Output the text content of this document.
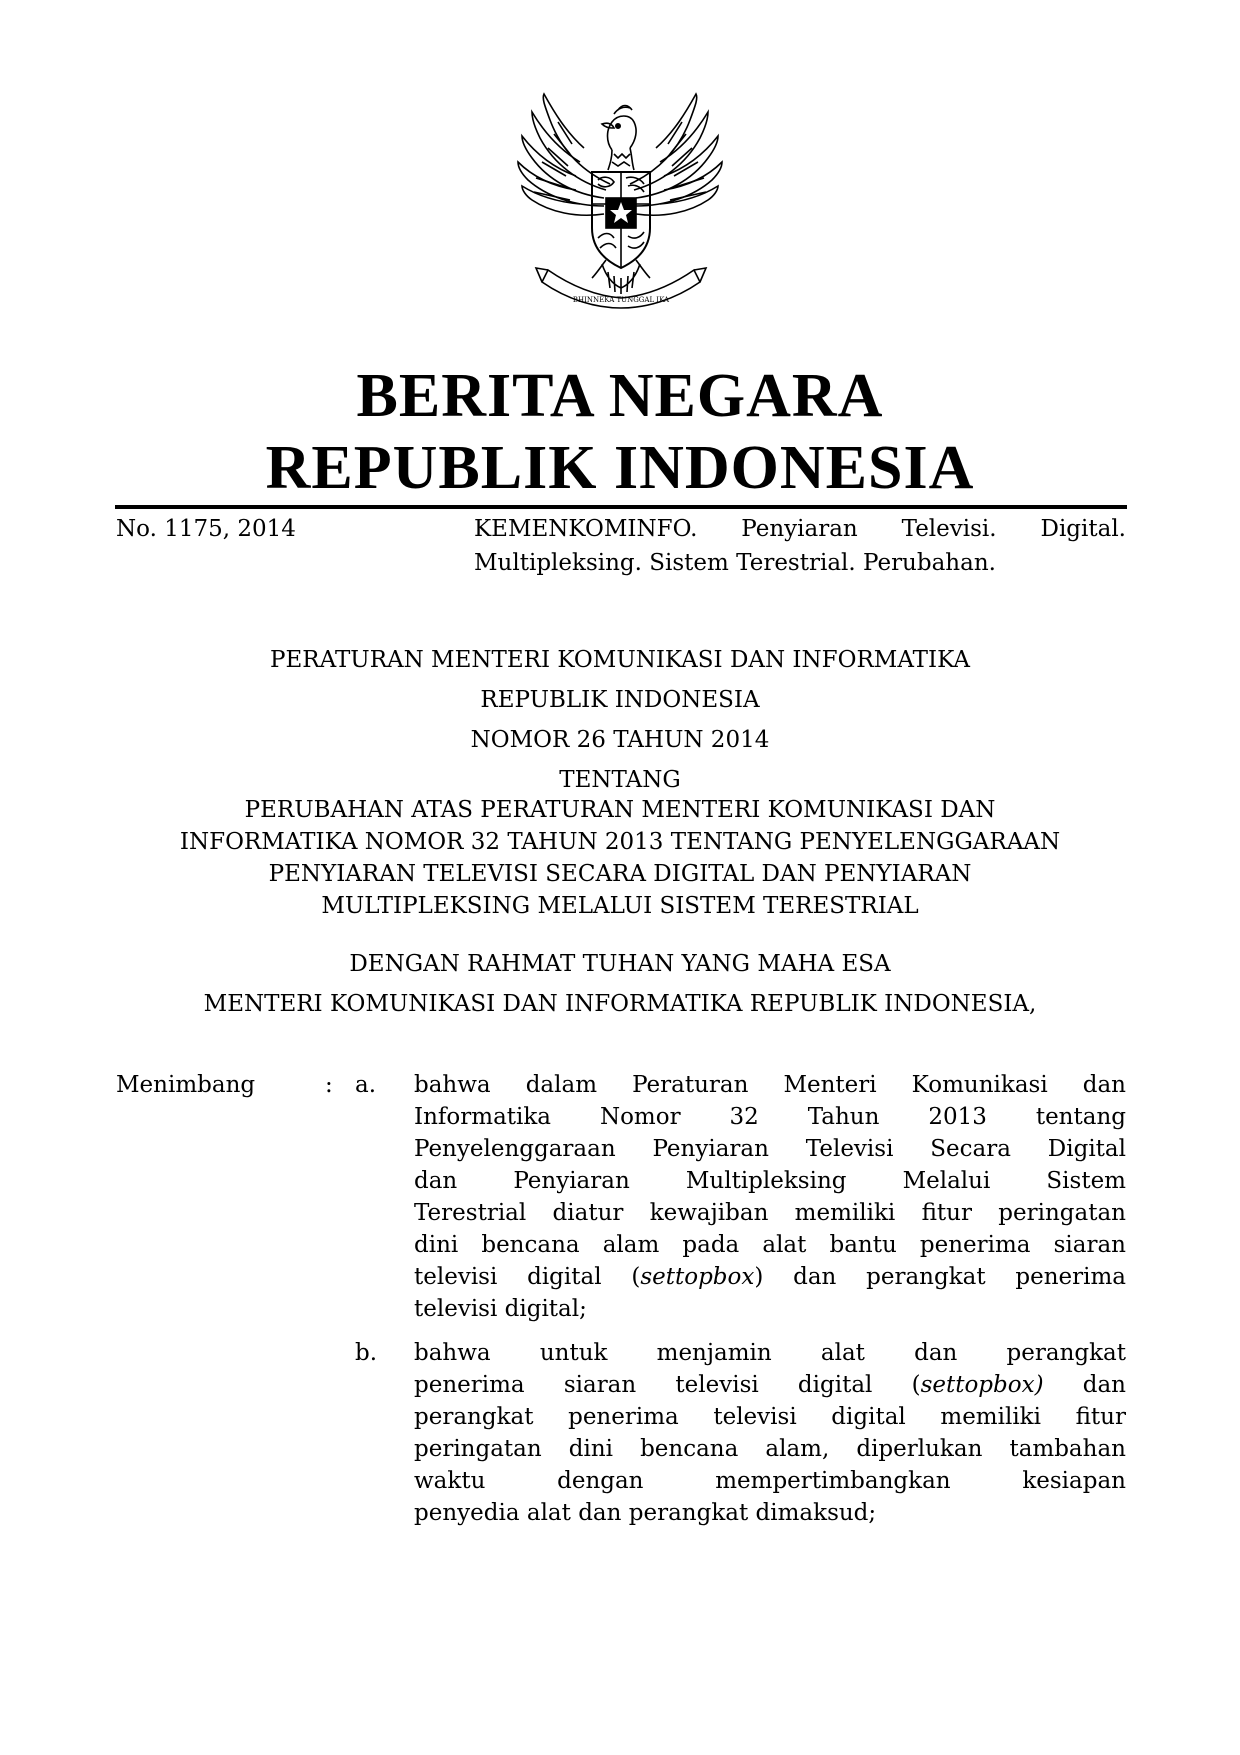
BHINNEKA TUNGGAL IKA
BERITA NEGARA
REPUBLIK INDONESIA
No. 1175, 2014	KEMENKOMINFO. Penyiaran Televisi. Digital.
Multipleksing. Sistem Terestrial. Perubahan.
PERATURAN MENTERI KOMUNIKASI DAN INFORMATIKA
REPUBLIK INDONESIA
NOMOR 26 TAHUN 2014
TENTANG
PERUBAHAN ATAS PERATURAN MENTERI KOMUNIKASI DAN
INFORMATIKA NOMOR 32 TAHUN 2013 TENTANG PENYELENGGARAAN
PENYIARAN TELEVISI SECARA DIGITAL DAN PENYIARAN
MULTIPLEKSING MELALUI SISTEM TERESTRIAL
DENGAN RAHMAT TUHAN YANG MAHA ESA
MENTERI KOMUNIKASI DAN INFORMATIKA REPUBLIK INDONESIA,
Menimbang	: a. bahwa dalam Peraturan Menteri Komunikasi dan
Informatika Nomor 32 Tahun 2013 tentang
Penyelenggaraan Penyiaran Televisi Secara Digital
dan Penyiaran Multipleksing Melalui Sistem
Terestrial diatur kewajiban memiliki fitur peringatan
dini bencana alam pada alat bantu penerima siaran
televisi digital (settopbox) dan perangkat penerima
televisi digital;
b. bahwa untuk menjamin alat dan perangkat
penerima siaran televisi digital (settopbox) dan
perangkat penerima televisi digital memiliki fitur
peringatan dini bencana alam, diperlukan tambahan
waktu dengan mempertimbangkan kesiapan
penyedia alat dan perangkat dimaksud;
